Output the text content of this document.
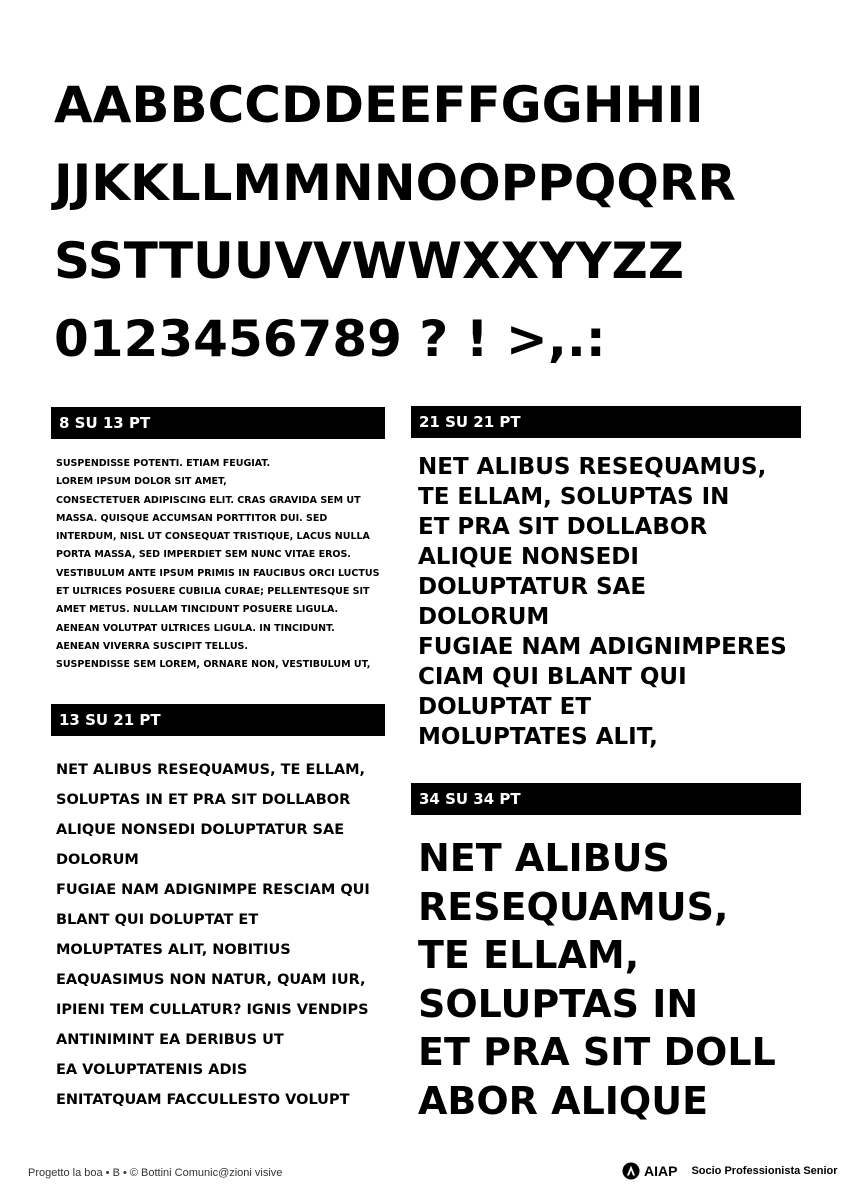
AABBCCDDEEFFGGHHII
JJKKLLMMNNOOPPQQRR
SSTTUUVVWWXXYYZZ
0123456789 ? ! >,.:
8 SU 13 PT
SUSPENDISSE POTENTI. ETIAM FEUGIAT.
LOREM IPSUM DOLOR SIT AMET,
CONSECTETUER ADIPISCING ELIT. CRAS GRAVIDA SEM UT
MASSA. QUISQUE ACCUMSAN PORTTITOR DUI. SED
INTERDUM, NISL UT CONSEQUAT TRISTIQUE, LACUS NULLA
PORTA MASSA, SED IMPERDIET SEM NUNC VITAE EROS.
VESTIBULUM ANTE IPSUM PRIMIS IN FAUCIBUS ORCI LUCTUS
ET ULTRICES POSUERE CUBILIA CURAE; PELLENTESQUE SIT
AMET METUS. NULLAM TINCIDUNT POSUERE LIGULA.
AENEAN VOLUTPAT ULTRICES LIGULA. IN TINCIDUNT.
AENEAN VIVERRA SUSCIPIT TELLUS.
SUSPENDISSE SEM LOREM, ORNARE NON, VESTIBULUM UT,
13 SU 21 PT
NET ALIBUS RESEQUAMUS, TE ELLAM,
SOLUPTAS IN ET PRA SIT DOLLABOR
ALIQUE NONSEDI DOLUPTATUR SAE
DOLORUM
FUGIAE NAM ADIGNIMPE RESCIAM QUI
BLANT QUI DOLUPTAT ET
MOLUPTATES ALIT, NOBITIUS
EAQUASIMUS NON NATUR, QUAM IUR,
IPIENI TEM CULLATUR? IGNIS VENDIPS
ANTINIMINT EA DERIBUS UT
EA VOLUPTATENIS ADIS
ENITATQUAM FACCULLESTO VOLUPT
21 SU 21 PT
NET ALIBUS RESEQUAMUS,
TE ELLAM, SOLUPTAS IN
ET PRA SIT DOLLABOR
ALIQUE NONSEDI
DOLUPTATUR SAE
DOLORUM
FUGIAE NAM ADIGNIMPERES
CIAM QUI BLANT QUI
DOLUPTAT ET
MOLUPTATES ALIT,
34 SU 34 PT
NET ALIBUS
RESEQUAMUS,
TE ELLAM,
SOLUPTAS IN
ET PRA SIT DOLL
ABOR ALIQUE
Progetto la boa • B • © Bottini Comunic@zioni visive	AIAP Socio Professionista Senior
